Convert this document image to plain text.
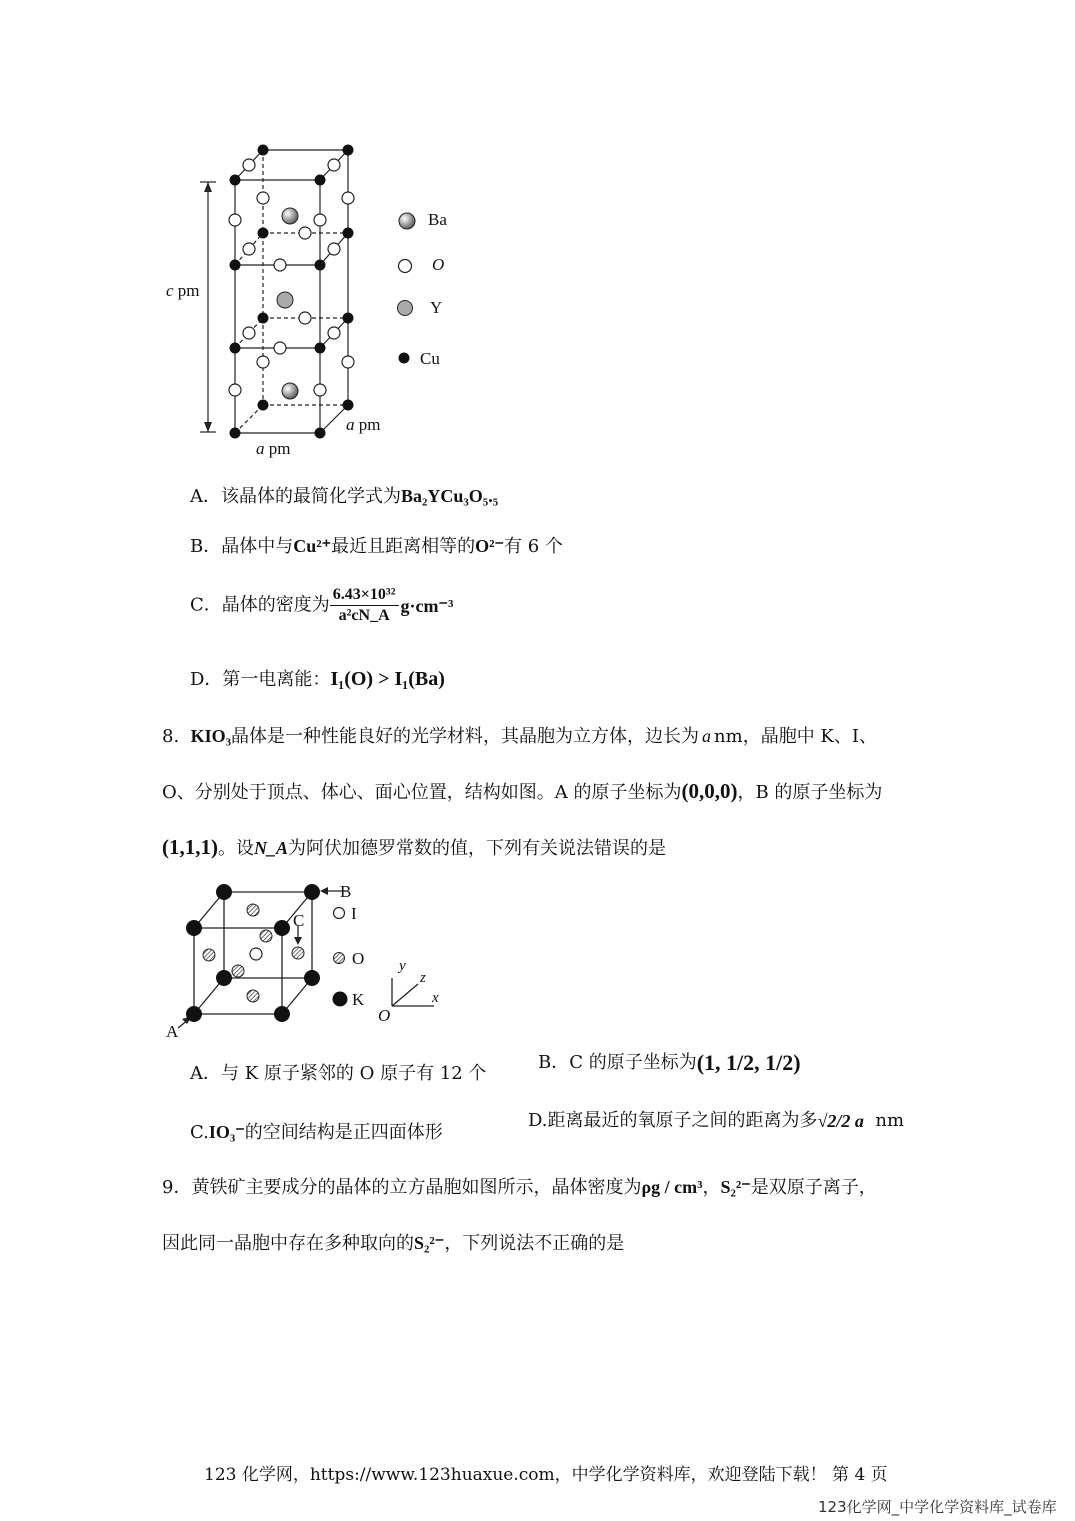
Ba
O
Y
Cu
c pm
a pm
a pm
A．该晶体的最简化学式为Ba₂YCu₃O₅.₅
B．晶体中与Cu²⁺最近且距离相等的O²⁻有 6 个
C．晶体的密度为 $\frac{\text{6.43×10³²}}{\text{a²cN\_A}} g\cdot cm^{-3}$
D．第一电离能：I₁(O) > I₁(Ba)
8. KIO₃晶体是一种性能良好的光学材料，其晶胞为立方体，边长为 a nm，晶胞中 K、I、
O、分别处于顶点、体心、面心位置，结构如图。A 的原子坐标为(0,0,0)，B 的原子坐标为
(1,1,1)。设N_A为阿伏加德罗常数的值，下列有关说法错误的是
B
C
A
I
O
K
y
z
x
O
A．与 K 原子紧邻的 O 原子有 12 个
B．C 的原子坐标为(1, 1/2, 1/2)
C.IO₃⁻的空间结构是正四面体形
D.距离最近的氧原子之间的距离为多√2/2 a nm
9．黄铁矿主要成分的晶体的立方晶胞如图所示，晶体密度为ρg / cm³，S₂²⁻是双原子离子，
因此同一晶胞中存在多种取向的S₂²⁻，下列说法不正确的是
123 化学网，https://www.123huaxue.com，中学化学资料库，欢迎登陆下载！ 第 4 页
123化学网_中学化学资料库_试卷库
